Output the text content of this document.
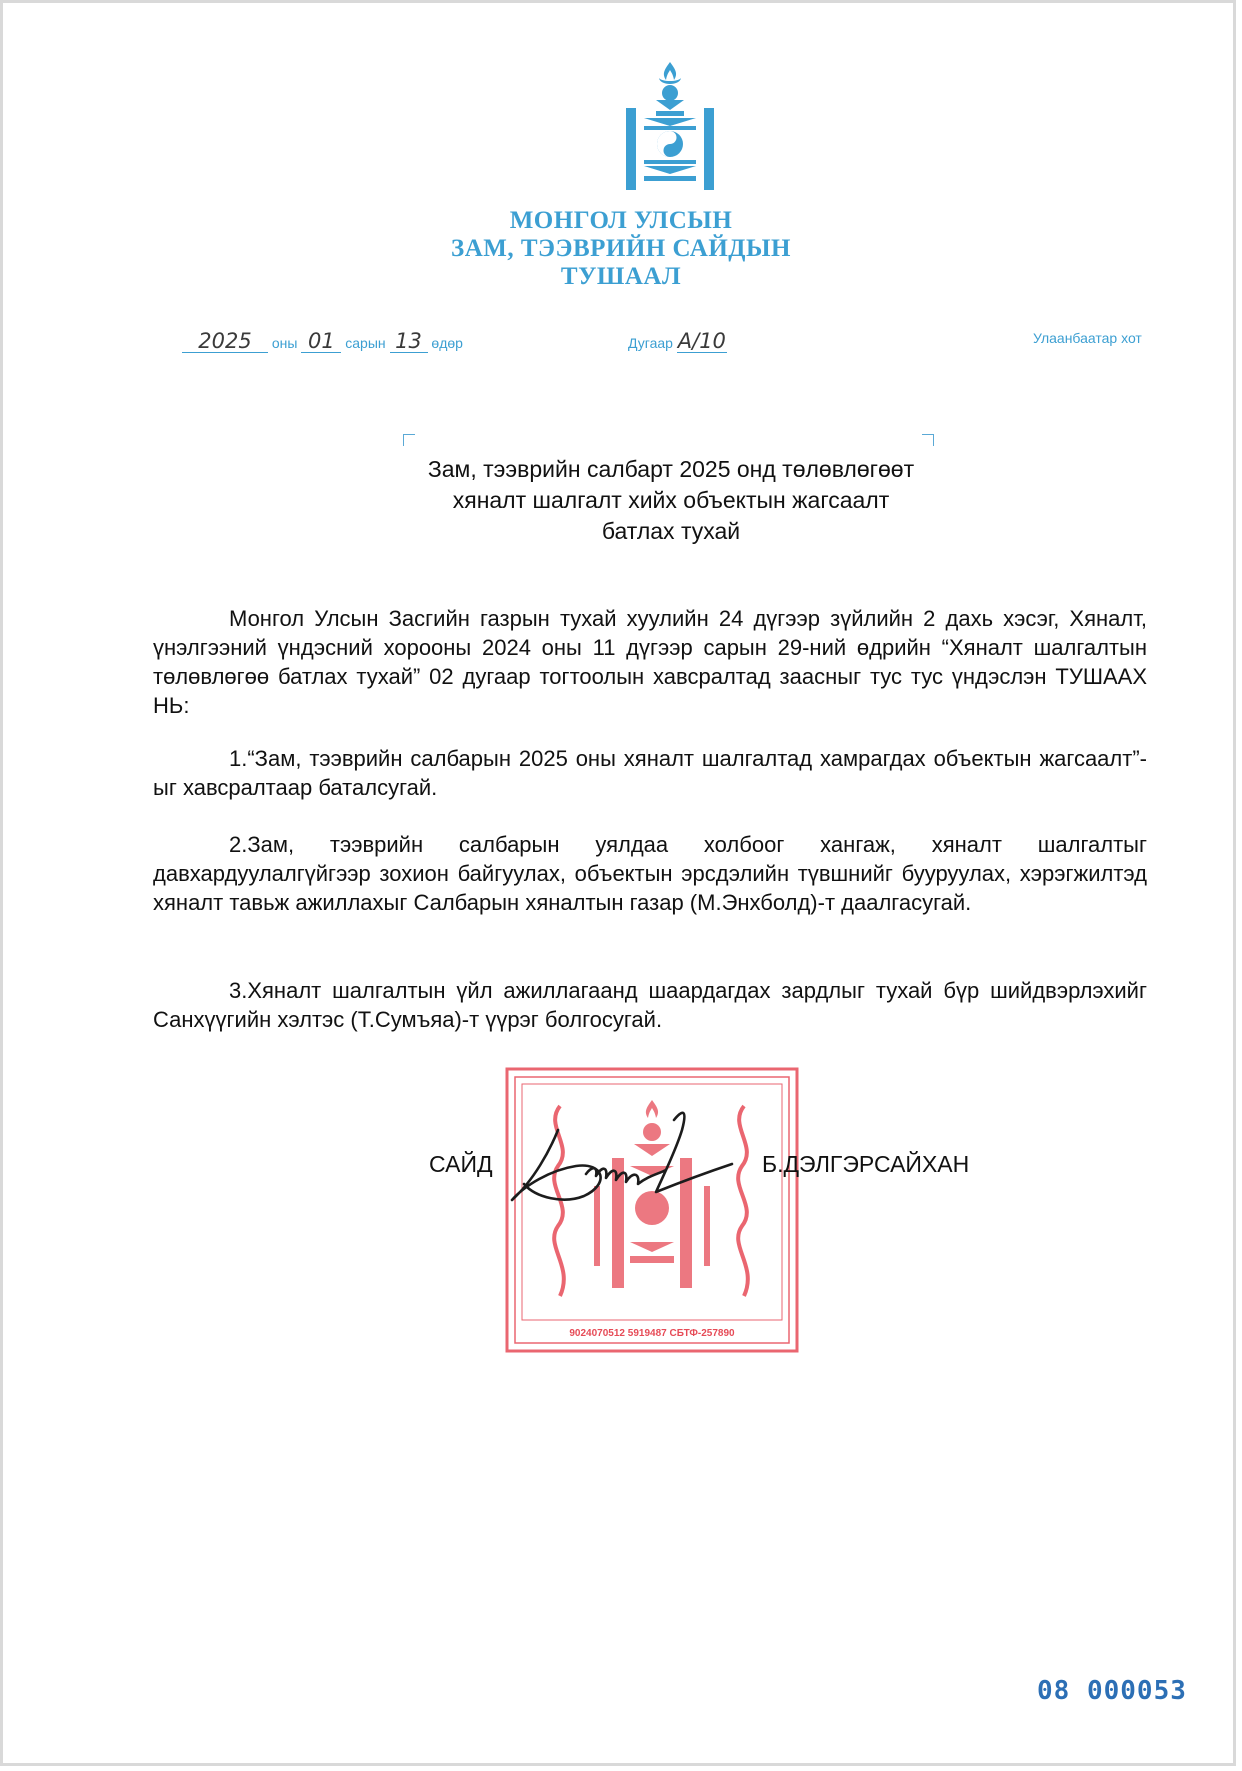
МОНГОЛ УЛСЫН
ЗАМ, ТЭЭВРИЙН САЙДЫН
ТУШААЛ
2025 оны 01 сарын 13 өдөр	Дугаар А/10	Улаанбаатар хот
Зам, тээврийн салбарт 2025 онд төлөвлөгөөт
хяналт шалгалт хийх объектын жагсаалт
батлах тухай
Монгол Улсын Засгийн газрын тухай хуулийн 24 дүгээр зүйлийн 2 дахь хэсэг, Хяналт, үнэлгээний үндэсний хорооны 2024 оны 11 дүгээр сарын 29-ний өдрийн “Хяналт шалгалтын төлөвлөгөө батлах тухай” 02 дугаар тогтоолын хавсралтад заасныг тус тус үндэслэн ТУШААХ НЬ:
1.“Зам, тээврийн салбарын 2025 оны хяналт шалгалтад хамрагдах объектын жагсаалт”-ыг хавсралтаар баталсугай.
2.Зам, тээврийн салбарын уялдаа холбоог хангаж, хяналт шалгалтыг давхардуулалгүйгээр зохион байгуулах, объектын эрсдэлийн түвшнийг бууруулах, хэрэгжилтэд хяналт тавьж ажиллахыг Салбарын хяналтын газар (М.Энхболд)-т даалгасугай.
3.Хяналт шалгалтын үйл ажиллагаанд шаардагдах зардлыг тухай бүр шийдвэрлэхийг Санхүүгийн хэлтэс (Т.Сумъяа)-т үүрэг болгосугай.
9024070512 5919487 СБТФ-257890
САЙД	Б.ДЭЛГЭРСАЙХАН
08 000053
